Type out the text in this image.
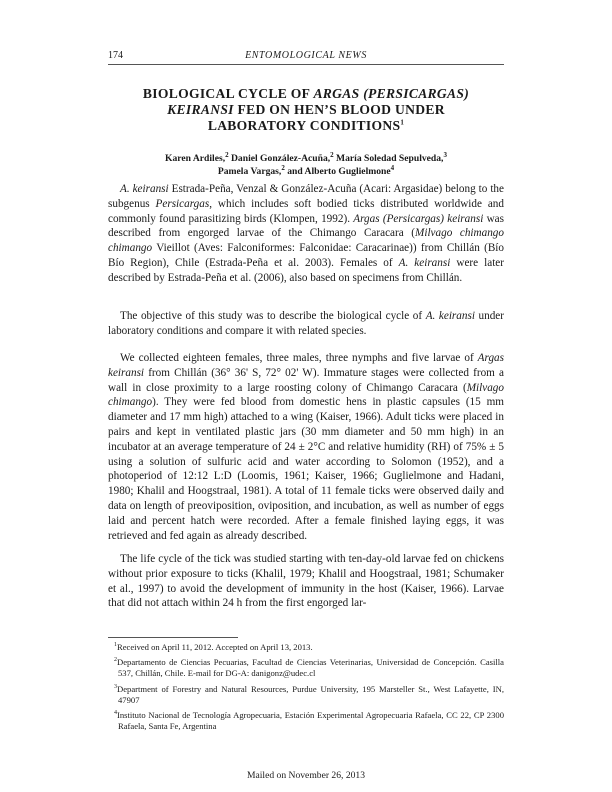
174	ENTOMOLOGICAL NEWS
BIOLOGICAL CYCLE OF ARGAS (PERSICARGAS)
KEIRANSI FED ON HEN’S BLOOD UNDER
LABORATORY CONDITIONS$^1$
Karen Ardiles,$^2$ Daniel González-Acuña,$^2$ María Soledad Sepulveda,$^3$
Pamela Vargas,$^2$ and Alberto Guglielmone$^4$

A. keiransi Estrada-Peña, Venzal & González-Acuña (Acari: Argasidae) belong to the subgenus Persicargas, which includes soft bodied ticks distributed worldwide and commonly found parasitizing birds (Klompen, 1992). Argas (Persicargas) keiransi was described from engorged larvae of the Chimango Caracara (Milvago chimango chimango Vieillot (Aves: Falconiformes: Falconidae: Caracarinae)) from Chillán (Bío Bío Region), Chile (Estrada-Peña et al. 2003). Females of A. keiransi were later described by Estrada-Peña et al. (2006), also based on specimens from Chillán.

The objective of this study was to describe the biological cycle of A. keiransi under laboratory conditions and compare it with related species.

We collected eighteen females, three males, three nymphs and five larvae of Argas keiransi from Chillán (36° 36' S, 72° 02' W). Immature stages were collected from a wall in close proximity to a large roosting colony of Chimango Caracara (Milvago chimango). They were fed blood from domestic hens in plastic capsules (15 mm diameter and 17 mm high) attached to a wing (Kaiser, 1966). Adult ticks were placed in pairs and kept in ventilated plastic jars (30 mm diameter and 50 mm high) in an incubator at an average temperature of 24 ± 2°C and relative humidity (RH) of 75% ± 5 using a solution of sulfuric acid and water according to Solomon (1952), and a photoperiod of 12:12 L:D (Loomis, 1961; Kaiser, 1966; Guglielmone and Hadani, 1980; Khalil and Hoogstraal, 1981). A total of 11 female ticks were observed daily and data on length of preoviposition, oviposition, and incubation, as well as number of eggs laid and percent hatch were recorded. After a female finished laying eggs, it was retrieved and fed again as already described.

The life cycle of the tick was studied starting with ten-day-old larvae fed on chickens without prior exposure to ticks (Khalil, 1979; Khalil and Hoogstraal, 1981; Schumaker et al., 1997) to avoid the development of immunity in the host (Kaiser, 1966). Larvae that did not attach within 24 h from the first engorged lar-

$^1$Received on April 11, 2012. Accepted on April 13, 2013.
$^2$Departamento de Ciencias Pecuarias, Facultad de Ciencias Veterinarias, Universidad de Concepción. Casilla 537, Chillán, Chile. E-mail for DG-A: danigonz@udec.cl
$^3$Department of Forestry and Natural Resources, Purdue University, 195 Marsteller St., West Lafayette, IN, 47907
$^4$Instituto Nacional de Tecnología Agropecuaria, Estación Experimental Agropecuaria Rafaela, CC 22, CP 2300 Rafaela, Santa Fe, Argentina
Mailed on November 26, 2013
